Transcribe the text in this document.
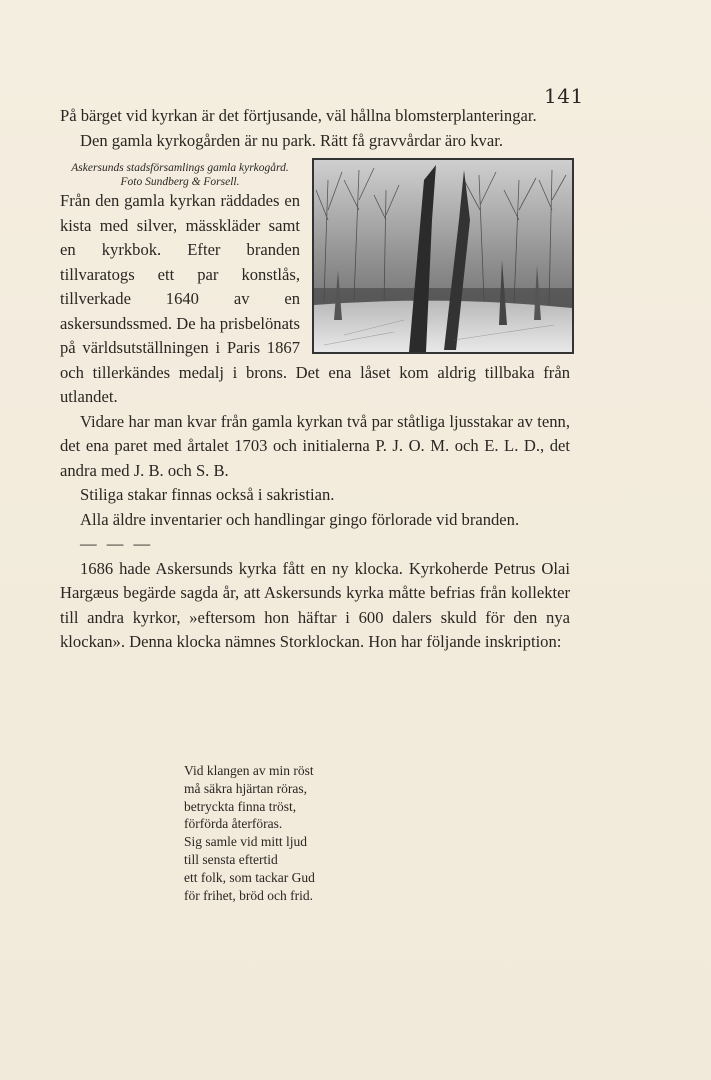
141

På bärget vid kyrkan är det förtjusande, väl hållna blomsterplanteringar.

Den gamla kyrkogården är nu park. Rätt få gravvårdar äro kvar.

Askersunds stadsförsamlings gamla kyrkogård. Foto Sundberg & Forsell.
Från den gamla kyrkan räddades en kista med silver, mässkläder samt en kyrkbok. Efter branden tillvaratogs ett par konstlås, tillverkade 1640 av en askersundssmed. De ha prisbelönats på världsutställningen i Paris 1867 och tillerkändes medalj i brons. Det ena låset kom aldrig tillbaka från utlandet.

Vidare har man kvar från gamla kyrkan två par ståtliga ljusstakar av tenn, det ena paret med årtalet 1703 och initialerna P. J. O. M. och E. L. D., det andra med J. B. och S. B.

Stiliga stakar finnas också i sakristian.

Alla äldre inventarier och handlingar gingo förlorade vid branden.

— — —

1686 hade Askersunds kyrka fått en ny klocka. Kyrkoherde Petrus Olai Hargæus begärde sagda år, att Askersunds kyrka måtte befrias från kollekter till andra kyrkor, »eftersom hon häftar i 600 dalers skuld för den nya klockan». Denna klocka nämnes Storklockan. Hon har följande inskription:

Vid klangen av min röst
må säkra hjärtan röras,
betryckta finna tröst,
förförda återföras.
Sig samle vid mitt ljud
till sensta eftertid
ett folk, som tackar Gud
för frihet, bröd och frid.
